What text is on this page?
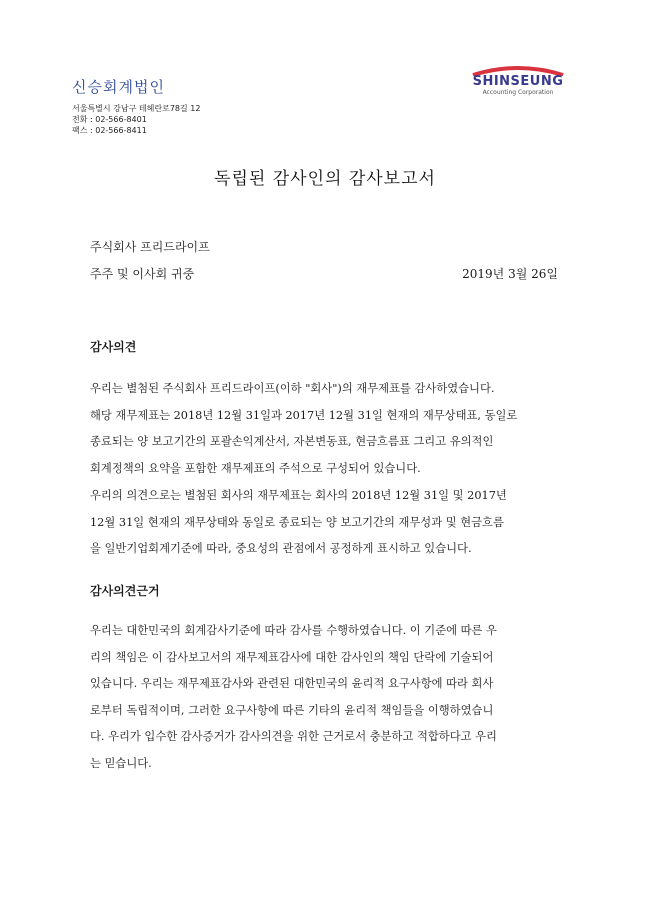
신승회계법인
서울특별시 강남구 테헤란로78길 12
전화 : 02-566-8401
팩스 : 02-566-8411
SHINSEUNG
Accounting Corporation
독립된 감사인의 감사보고서
주식회사 프리드라이프
주주 및 이사회 귀중	2019년 3월 26일
감사의견
우리는 별첨된 주식회사 프리드라이프(이하 "회사")의 재무제표를 감사하였습니다.
해당 재무제표는 2018년 12월 31일과 2017년 12월 31일 현재의 재무상태표, 동일로
종료되는 양 보고기간의 포괄손익계산서, 자본변동표, 현금흐름표 그리고 유의적인
회계정책의 요약을 포함한 재무제표의 주석으로 구성되어 있습니다.
우리의 의견으로는 별첨된 회사의 재무제표는 회사의 2018년 12월 31일 및 2017년
12월 31일 현재의 재무상태와 동일로 종료되는 양 보고기간의 재무성과 및 현금흐름
을 일반기업회계기준에 따라, 중요성의 관점에서 공정하게 표시하고 있습니다.
감사의견근거
우리는 대한민국의 회계감사기준에 따라 감사를 수행하였습니다. 이 기준에 따른 우
리의 책임은 이 감사보고서의 재무제표감사에 대한 감사인의 책임 단락에 기술되어
있습니다. 우리는 재무제표감사와 관련된 대한민국의 윤리적 요구사항에 따라 회사
로부터 독립적이며, 그러한 요구사항에 따른 기타의 윤리적 책임들을 이행하였습니
다. 우리가 입수한 감사증거가 감사의견을 위한 근거로서 충분하고 적합하다고 우리
는 믿습니다.
